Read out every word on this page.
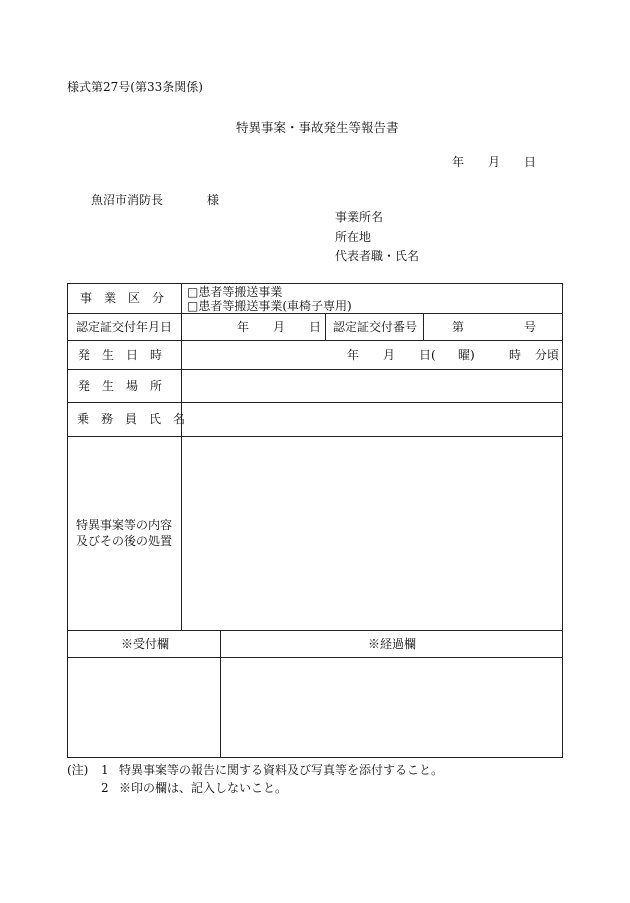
様式第27号(第33条関係)
特異事案・事故発生等報告書
年 月 日
魚沼市消防長	様
事業所名
所在地
代表者職・氏名
事　業　区　分 □患者等搬送事業
□患者等搬送事業(車椅子専用)
認定証交付年月日	年 月 日 認定証交付番号	第	号
発　生　日　時	年 月 日( 曜)	時 分頃
発　生　場　所
乗　務　員　氏　名
特異事案等の内容
及びその後の処置
※受付欄	※経過欄
(注) 1 特異事案等の報告に関する資料及び写真等を添付すること。
2 ※印の欄は、記入しないこと。
